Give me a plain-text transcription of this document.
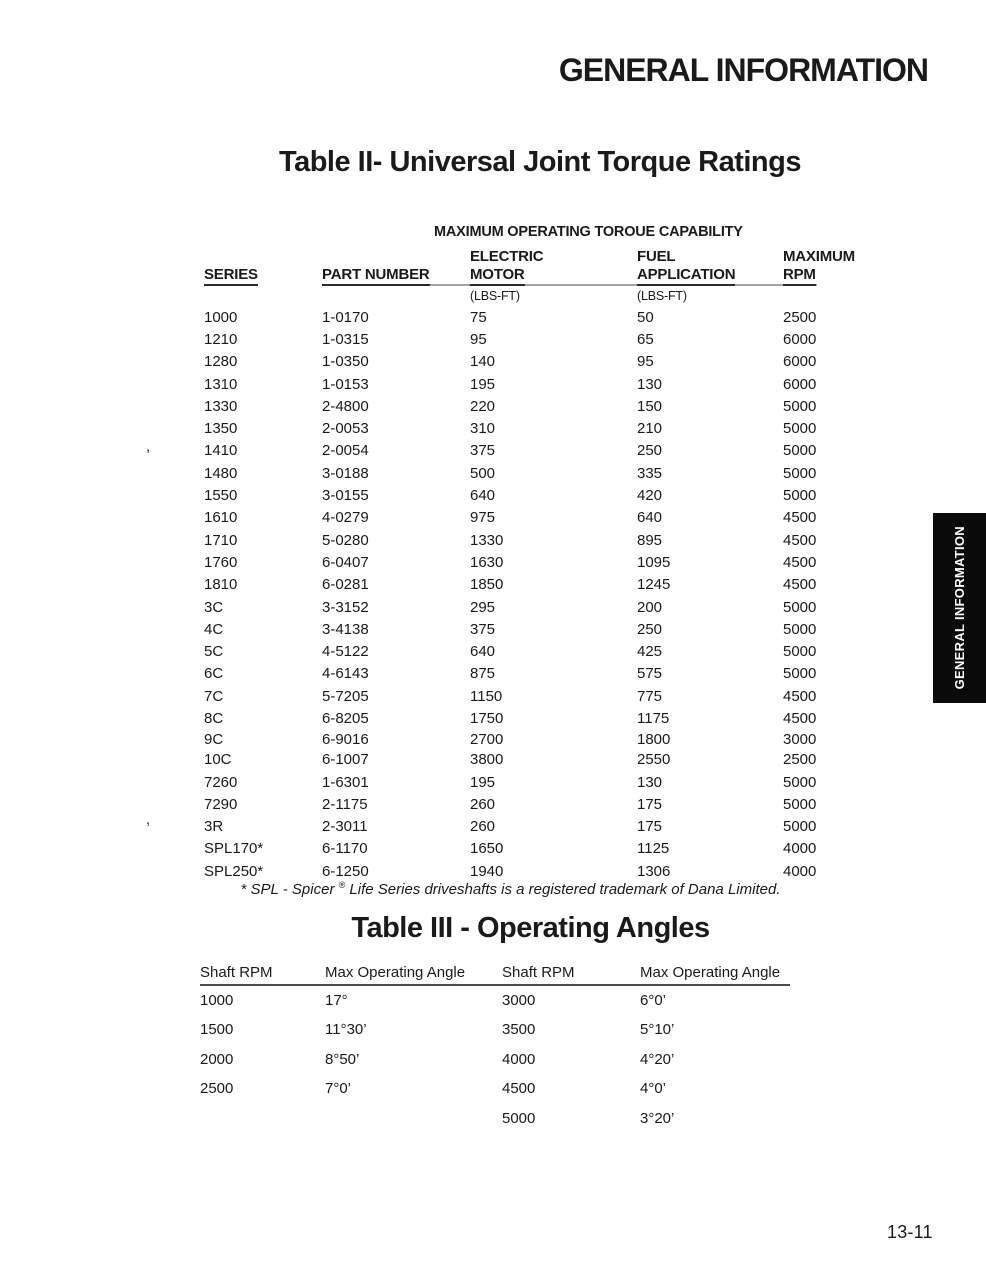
GENERAL INFORMATION
Table II- Universal Joint Torque Ratings
MAXIMUM OPERATING TOROUE CAPABILITY
		ELECTRIC	FUEL	MAXIMUM
SERIES	PART NUMBER	MOTOR	APPLICATION	RPM
		(LBS-FT)	(LBS-FT)	
1000	1-0170	75	50	2500
1210	1-0315	95	65	6000
1280	1-0350	140	95	6000
1310	1-0153	195	130	6000
1330	2-4800	220	150	5000
1350	2-0053	310	210	5000
1410	2-0054	375	250	5000
1480	3-0188	500	335	5000
1550	3-0155	640	420	5000
1610	4-0279	975	640	4500
1710	5-0280	1330	895	4500
1760	6-0407	1630	1095	4500
1810	6-0281	1850	1245	4500
3C	3-3152	295	200	5000
4C	3-4138	375	250	5000
5C	4-5122	640	425	5000
6C	4-6143	875	575	5000
7C	5-7205	1150	775	4500
8C	6-8205	1750	1175	4500
9C	6-9016	2700	1800	3000
10C	6-1007	3800	2550	2500
7260	1-6301	195	130	5000
7290	2-1175	260	175	5000
3R	2-3011	260	175	5000
SPL170*	6-1170	1650	1125	4000
SPL250*	6-1250	1940	1306	4000
* SPL - Spicer ® Life Series driveshafts is a registered trademark of Dana Limited.
Table III - Operating Angles
Shaft RPM	Max Operating Angle	Shaft RPM	Max Operating Angle
1000	17°	3000	6°0’
1500	11°30’	3500	5°10’
2000	8°50’	4000	4°20’
2500	7°0’	4500	4°0’
		5000	3°20’
,
,
GENERAL INFORMATION
13-11
